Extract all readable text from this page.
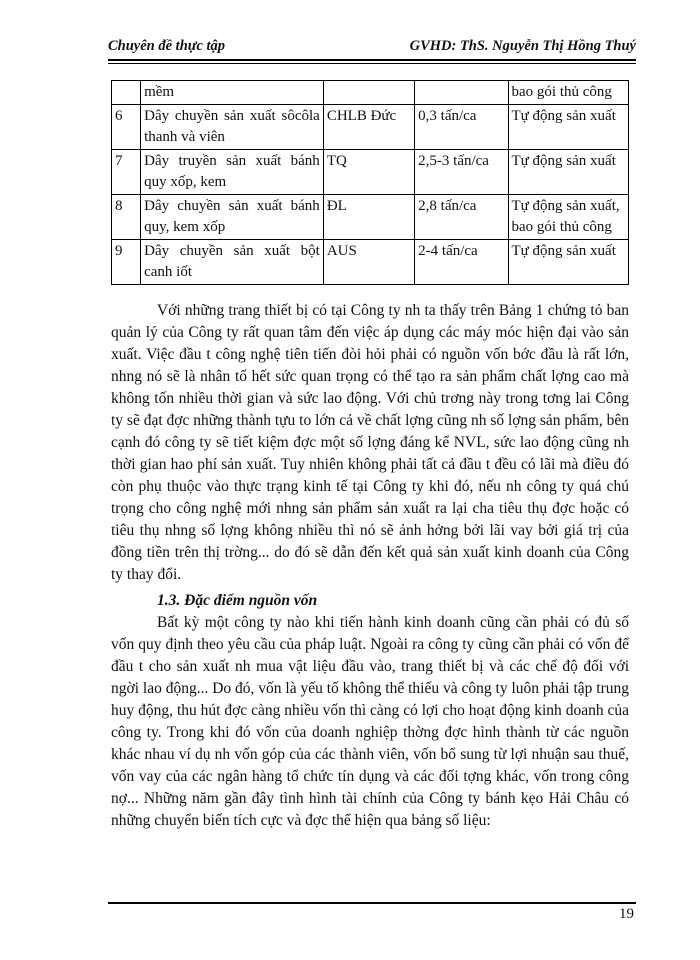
Chuyên đề thực tập	GVHD: ThS. Nguyễn Thị Hồng Thuý
	mềm			bao gói thủ công
6	Dây chuyền sản xuất sôcôla thanh và viên	CHLB Đức	0,3 tấn/ca	Tự động sản xuất
7	Dây truyền sản xuất bánh quy xốp, kem	TQ	2,5-3 tấn/ca	Tự động sản xuất
8	Dây chuyền sản xuất bánh quy, kem xốp	ĐL	2,8 tấn/ca	Tự động sản xuất, bao gói thủ công
9	Dây chuyền sản xuất bột canh iốt	AUS	2-4 tấn/ca	Tự động sản xuất

Với những trang thiết bị có tại Công ty nh ta thấy trên Bảng 1 chứng tỏ ban quản lý của Công ty rất quan tâm đến việc áp dụng các máy móc hiện đại vào sản xuất. Việc đầu t công nghệ tiên tiến đòi hỏi phải có nguồn vốn bớc đầu là rất lớn, nhng nó sẽ là nhân tố hết sức quan trọng có thể tạo ra sản phẩm chất lợng cao mà không tốn nhiều thời gian và sức lao động. Với chủ trơng này trong tơng lai Công ty sẽ đạt đợc những thành tựu to lớn cả về chất lợng cũng nh số lợng sản phẩm, bên cạnh đó công ty sẽ tiết kiệm đợc một số lợng đáng kể NVL, sức lao động cũng nh thời gian hao phí sản xuất. Tuy nhiên không phải tất cả đầu t đều có lãi mà điều đó còn phụ thuộc vào thực trạng kinh tế tại Công ty khi đó, nếu nh công ty quá chú trọng cho công nghệ mới nhng sản phẩm sản xuất ra lại cha tiêu thụ đợc hoặc có tiêu thụ nhng số lợng không nhiều thì nó sẽ ảnh hởng bởi lãi vay bởi giá trị của đồng tiền trên thị trờng... do đó sẽ dẫn đến kết quả sản xuất kinh doanh của Công ty thay đổi.

1.3. Đặc điểm nguồn vốn

Bất kỳ một công ty nào khi tiến hành kinh doanh cũng cần phải có đủ số vốn quy định theo yêu cầu của pháp luật. Ngoài ra công ty cũng cần phải có vốn để đầu t cho sản xuất nh mua vật liệu đầu vào, trang thiết bị và các chế độ đối với ngời lao động... Do đó, vốn là yếu tố không thể thiếu và công ty luôn phải tập trung huy động, thu hút đợc càng nhiều vốn thì càng có lợi cho hoạt động kinh doanh của công ty. Trong khi đó vốn của doanh nghiệp thờng đợc hình thành từ các nguồn khác nhau ví dụ nh vốn góp của các thành viên, vốn bổ sung từ lợi nhuận sau thuế, vốn vay của các ngân hàng tổ chức tín dụng và các đối tợng khác, vốn trong công nợ... Những năm gần đây tình hình tài chính của Công ty bánh kẹo Hải Châu có những chuyển biến tích cực và đợc thể hiện qua bảng số liệu:

19
